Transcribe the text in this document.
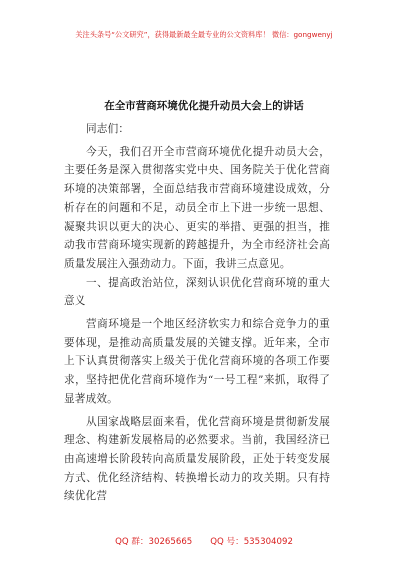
关注头条号“公文研究”，获得最新最全最专业的公文资料库！ 微信：gongwenyj
在全市营商环境优化提升动员大会上的讲话

同志们：

今天，我们召开全市营商环境优化提升动员大会，主要任务是深入贯彻落实党中央、国务院关于优化营商环境的决策部署，全面总结我市营商环境建设成效，分析存在的问题和不足，动员全市上下进一步统一思想、凝聚共识以更大的决心、更实的举措、更强的担当，推动我市营商环境实现新的跨越提升，为全市经济社会高质量发展注入强劲动力。下面，我讲三点意见。

一、提高政治站位，深刻认识优化营商环境的重大意义

营商环境是一个地区经济软实力和综合竞争力的重要体现，是推动高质量发展的关键支撑。近年来，全市上下认真贯彻落实上级关于优化营商环境的各项工作要求，坚持把优化营商环境作为“一号工程”来抓，取得了显著成效。

从国家战略层面来看，优化营商环境是贯彻新发展理念、构建新发展格局的必然要求。当前，我国经济已由高速增长阶段转向高质量发展阶段，正处于转变发展方式、优化经济结构、转换增长动力的攻关期。只有持续优化营

QQ 群：30265665 QQ 号：535304092
